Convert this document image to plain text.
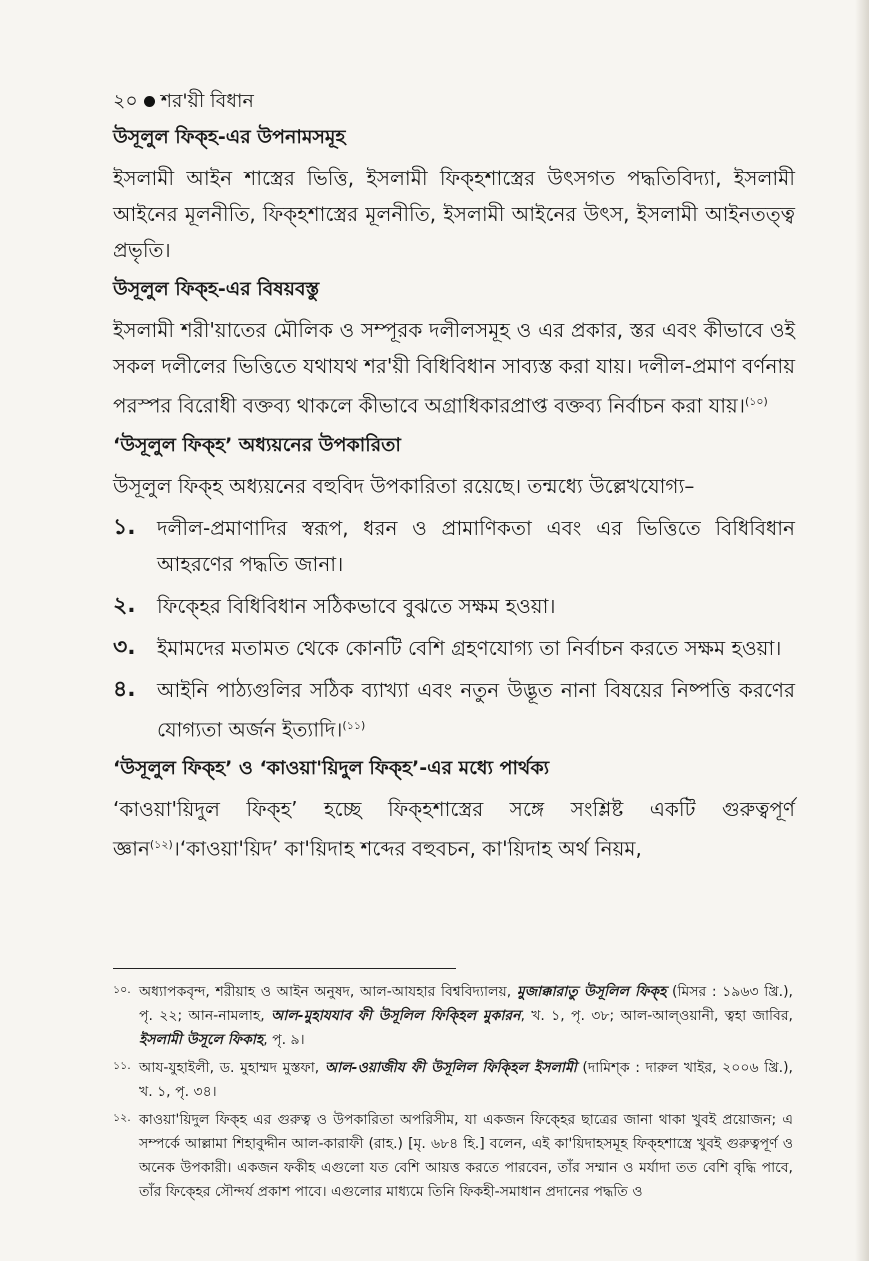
২০ শর'য়ী বিধান
উসূলুল ফিক্হ-এর উপনামসমূহ

ইসলামী আইন শাস্ত্রের ভিত্তি, ইসলামী ফিক্হশাস্ত্রের উৎসগত পদ্ধতিবিদ্যা, ইসলামী আইনের মূলনীতি, ফিক্হশাস্ত্রের মূলনীতি, ইসলামী আইনের উৎস, ইসলামী আইনতত্ত্ব প্রভৃতি।

উসূলুল ফিক্হ-এর বিষয়বস্তু

ইসলামী শরী'য়াতের মৌলিক ও সম্পূরক দলীলসমূহ ও এর প্রকার, স্তর এবং কীভাবে ওই সকল দলীলের ভিত্তিতে যথাযথ শর'য়ী বিধিবিধান সাব্যস্ত করা যায়। দলীল-প্রমাণ বর্ণনায় পরস্পর বিরোধী বক্তব্য থাকলে কীভাবে অগ্রাধিকারপ্রাপ্ত বক্তব্য নির্বাচন করা যায়।$^{(১০)}$

‘উসূলুল ফিক্হ’ অধ্যয়নের উপকারিতা

উসূলুল ফিক্হ অধ্যয়নের বহুবিদ উপকারিতা রয়েছে। তন্মধ্যে উল্লেখযোগ্য–

১.	দলীল-প্রমাণাদির স্বরূপ, ধরন ও প্রামাণিকতা এবং এর ভিত্তিতে বিধিবিধান আহরণের পদ্ধতি জানা।
২.	ফিক্হের বিধিবিধান সঠিকভাবে বুঝতে সক্ষম হওয়া।
৩.	ইমামদের মতামত থেকে কোনটি বেশি গ্রহণযোগ্য তা নির্বাচন করতে সক্ষম হওয়া।
৪.	আইনি পাঠ্যগুলির সঠিক ব্যাখ্যা এবং নতুন উদ্ভূত নানা বিষয়ের নিষ্পত্তি করণের যোগ্যতা অর্জন ইত্যাদি।$^{(১১)}$
‘উসূলুল ফিক্হ’ ও ‘কাওয়া'য়িদুল ফিক্হ’-এর মধ্যে পার্থক্য

‘কাওয়া'য়িদুল ফিক্হ’ হচ্ছে ফিক্হশাস্ত্রের সঙ্গে সংশ্লিষ্ট একটি গুরুত্বপূর্ণ জ্ঞান$^{(১২)}$।‘কাওয়া'য়িদ’ কা'য়িদাহ শব্দের বহুবচন, কা'য়িদাহ অর্থ নিয়ম,

১০. অধ্যাপকবৃন্দ, শরীয়াহ ও আইন অনুষদ, আল-আযহার বিশ্ববিদ্যালয়, মুজাক্কারাতু উসূলিল ফিক্হ (মিসর : ১৯৬৩ খ্রি.), পৃ. ২২; আন-নামলাহ, আল-মুহাযযাব ফী উসূলিল ফিক্হিল মুকারন, খ. ১, পৃ. ৩৮; আল-আল্ওয়ানী, ত্বহা জাবির, ইসলামী উসূলে ফিকাহ, পৃ. ৯।
১১. আয-যুহাইলী, ড. মুহাম্মদ মুস্তফা, আল-ওয়াজীয ফী উসূলিল ফিক্হিল ইসলামী (দামিশ্ক : দারুল খাইর, ২০০৬ খ্রি.), খ. ১, পৃ. ৩৪।
১২. কাওয়া'য়িদুল ফিক্হ এর গুরুত্ব ও উপকারিতা অপরিসীম, যা একজন ফিক্হের ছাত্রের জানা থাকা খুবই প্রয়োজন; এ সম্পর্কে আল্লামা শিহাবুদ্দীন আল-কারাফী (রাহ.) [মৃ. ৬৮৪ হি.] বলেন, এই কা'য়িদাহসমূহ ফিক্হশাস্ত্রে খুবই গুরুত্বপূর্ণ ও অনেক উপকারী। একজন ফকীহ এগুলো যত বেশি আয়ত্ত করতে পারবেন, তাঁর সম্মান ও মর্যাদা তত বেশি বৃদ্ধি পাবে, তাঁর ফিক্হের সৌন্দর্য প্রকাশ পাবে। এগুলোর মাধ্যমে তিনি ফিকহী-সমাধান প্রদানের পদ্ধতি ও
